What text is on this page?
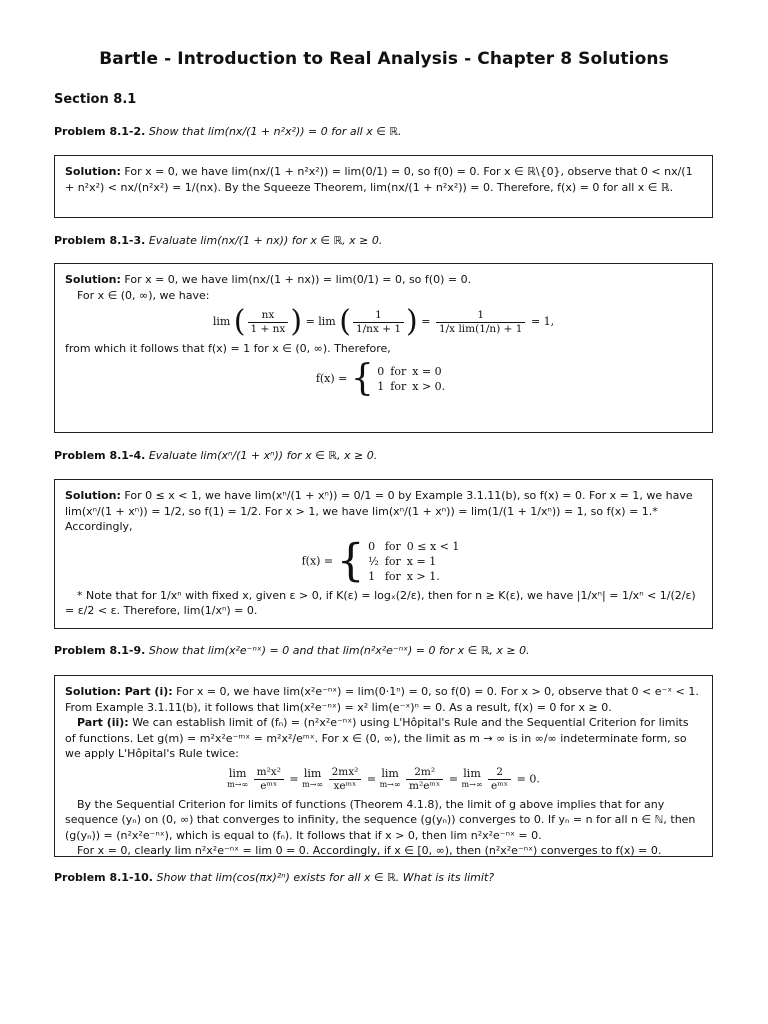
Bartle - Introduction to Real Analysis - Chapter 8 Solutions
Section 8.1
Problem 8.1-2. Show that lim(nx/(1 + n²x²)) = 0 for all x ∈ ℝ.

Solution: For x = 0, we have lim(nx/(1 + n²x²)) = lim(0/1) = 0, so f(0) = 0. For x ∈ ℝ\{0}, observe that 0 < nx/(1 + n²x²) < nx/(n²x²) = 1/(nx). By the Squeeze Theorem, lim(nx/(1 + n²x²)) = 0. Therefore, f(x) = 0 for all x ∈ ℝ.

Problem 8.1-3. Evaluate lim(nx/(1 + nx)) for x ∈ ℝ, x ≥ 0.

Solution: For x = 0, we have lim(nx/(1 + nx)) = lim(0/1) = 0, so f(0) = 0.

For x ∈ (0, ∞), we have:

lim ( $\frac{nx}{1 + nx}$ ) = lim ( $\frac{1}{1/nx + 1}$ ) = $\frac{1}{\text{1/x lim(1/n) + 1}} = 1$,

from which it follows that f(x) = 1 for x ∈ (0, ∞). Therefore,

f(x) = { 0	for	x = 0
1	for	x > 0.
Problem 8.1-4. Evaluate lim(xⁿ/(1 + xⁿ)) for x ∈ ℝ, x ≥ 0.

Solution: For 0 ≤ x < 1, we have lim(xⁿ/(1 + xⁿ)) = 0/1 = 0 by Example 3.1.11(b), so f(x) = 0. For x = 1, we have lim(xⁿ/(1 + xⁿ)) = 1/2, so f(1) = 1/2. For x > 1, we have lim(xⁿ/(1 + xⁿ)) = lim(1/(1 + 1/xⁿ)) = 1, so f(x) = 1.* Accordingly,

f(x) = { 0	for	0 ≤ x < 1
½	for	x = 1
1	for	x > 1.

* Note that for 1/xⁿ with fixed x, given ε > 0, if K(ε) = logₓ(2/ε), then for n ≥ K(ε), we have |1/xⁿ| = 1/xⁿ < 1/(2/ε) = ε/2 < ε. Therefore, lim(1/xⁿ) = 0.

Problem 8.1-9. Show that lim(x²e⁻ⁿˣ) = 0 and that lim(n²x²e⁻ⁿˣ) = 0 for x ∈ ℝ, x ≥ 0.

Solution: Part (i): For x = 0, we have lim(x²e⁻ⁿˣ) = lim(0·1ⁿ) = 0, so f(0) = 0. For x > 0, observe that 0 < e⁻ˣ < 1. From Example 3.1.11(b), it follows that lim(x²e⁻ⁿˣ) = x² lim(e⁻ˣ)ⁿ = 0. As a result, f(x) = 0 for x ≥ 0.

Part (ii): We can establish limit of (fₙ) = (n²x²e⁻ⁿˣ) using L'Hôpital's Rule and the Sequential Criterion for limits of functions. Let g(m) = m²x²e⁻ᵐˣ = m²x²/eᵐˣ. For x ∈ (0, ∞), the limit as m → ∞ is in ∞/∞ indeterminate form, so we apply L'Hôpital's Rule twice:

lim
m→∞
$\frac{\text{m²x²}}{\text{eᵐˣ}} = \lim$
m→∞
$\frac{\text{2mx²}}{\text{xeᵐˣ}} = \lim$
m→∞
$\frac{\text{2m²}}{\text{m²eᵐˣ}} = \lim$
m→∞
$\frac{2}{\text{eᵐˣ}} = 0$.

By the Sequential Criterion for limits of functions (Theorem 4.1.8), the limit of g above implies that for any sequence (yₙ) on (0, ∞) that converges to infinity, the sequence (g(yₙ)) converges to 0. If yₙ = n for all n ∈ ℕ, then (g(yₙ)) = (n²x²e⁻ⁿˣ), which is equal to (fₙ). It follows that if x > 0, then lim n²x²e⁻ⁿˣ = 0.

For x = 0, clearly lim n²x²e⁻ⁿˣ = lim 0 = 0. Accordingly, if x ∈ [0, ∞), then (n²x²e⁻ⁿˣ) converges to f(x) = 0.

Problem 8.1-10. Show that lim(cos(πx)²ⁿ) exists for all x ∈ ℝ. What is its limit?
